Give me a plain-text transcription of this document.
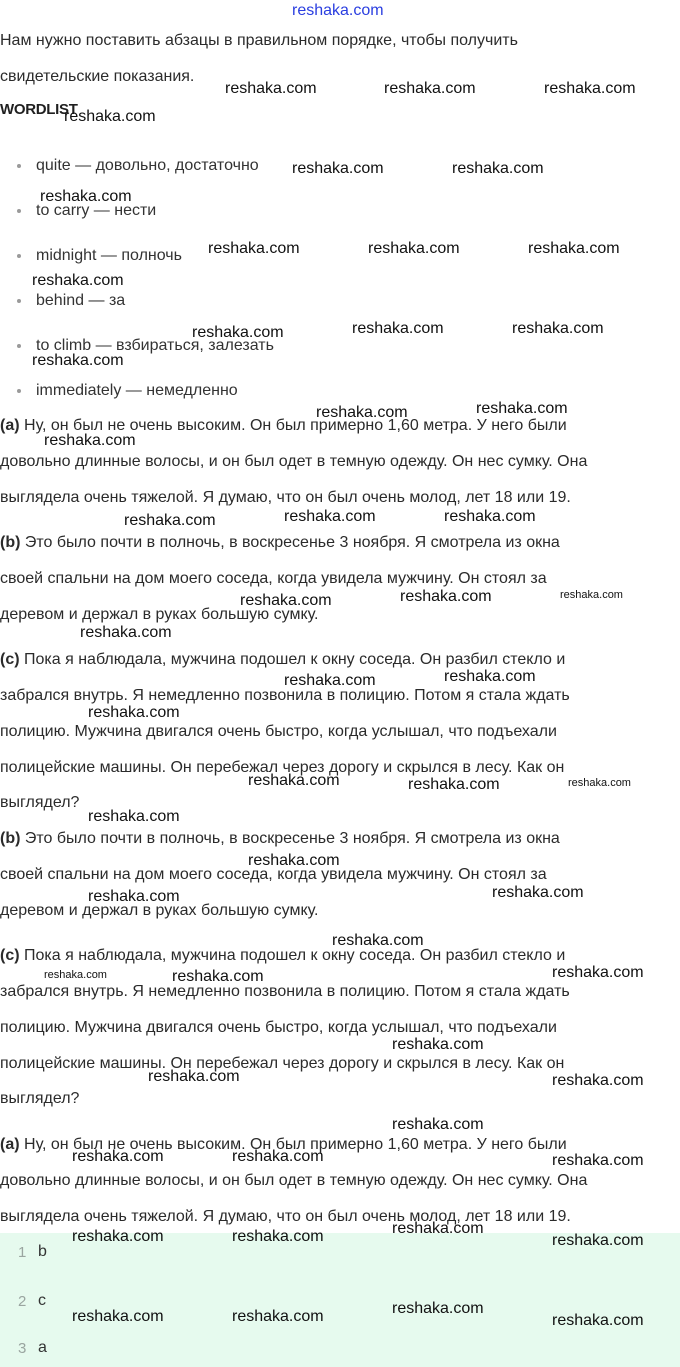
reshaka.com
Нам нужно поставить абзацы в правильном порядке, чтобы получить
свидетельские показания.
WORDLIST
quite — довольно, достаточно
to carry — нести
midnight — полночь
behind — за
to climb — взбираться, залезать
immediately — немедленно
(a) Ну, он был не очень высоким. Он был примерно 1,60 метра. У него были
довольно длинные волосы, и он был одет в темную одежду. Он нес сумку. Она
выглядела очень тяжелой. Я думаю, что он был очень молод, лет 18 или 19.
(b) Это было почти в полночь, в воскресенье 3 ноября. Я смотрела из окна
своей спальни на дом моего соседа, когда увидела мужчину. Он стоял за
деревом и держал в руках большую сумку.
(c) Пока я наблюдала, мужчина подошел к окну соседа. Он разбил стекло и
забрался внутрь. Я немедленно позвонила в полицию. Потом я стала ждать
полицию. Мужчина двигался очень быстро, когда услышал, что подъехали
полицейские машины. Он перебежал через дорогу и скрылся в лесу. Как он
выглядел?
(b) Это было почти в полночь, в воскресенье 3 ноября. Я смотрела из окна
своей спальни на дом моего соседа, когда увидела мужчину. Он стоял за
деревом и держал в руках большую сумку.
(c) Пока я наблюдала, мужчина подошел к окну соседа. Он разбил стекло и
забрался внутрь. Я немедленно позвонила в полицию. Потом я стала ждать
полицию. Мужчина двигался очень быстро, когда услышал, что подъехали
полицейские машины. Он перебежал через дорогу и скрылся в лесу. Как он
выглядел?
(a) Ну, он был не очень высоким. Он был примерно 1,60 метра. У него были
довольно длинные волосы, и он был одет в темную одежду. Он нес сумку. Она
выглядела очень тяжелой. Я думаю, что он был очень молод, лет 18 или 19.
1 b
2 c
3 a
reshaka.com	reshaka.com	reshaka.com
reshaka.com
reshaka.com	reshaka.com
reshaka.com
reshaka.com	reshaka.com	reshaka.com
reshaka.com
reshaka.com	reshaka.com	reshaka.com
reshaka.com
reshaka.com	reshaka.com
reshaka.com
reshaka.com	reshaka.com	reshaka.com
reshaka.com	reshaka.com	reshaka.com
reshaka.com
reshaka.com	reshaka.com
reshaka.com
reshaka.com	reshaka.com	reshaka.com
reshaka.com
reshaka.com
reshaka.com	reshaka.com
reshaka.com
reshaka.com	reshaka.com	reshaka.com
reshaka.com
reshaka.com	reshaka.com
reshaka.com
reshaka.com	reshaka.com	reshaka.com
reshaka.com
reshaka.com	reshaka.com	reshaka.com
reshaka.com
reshaka.com	reshaka.com	reshaka.com
